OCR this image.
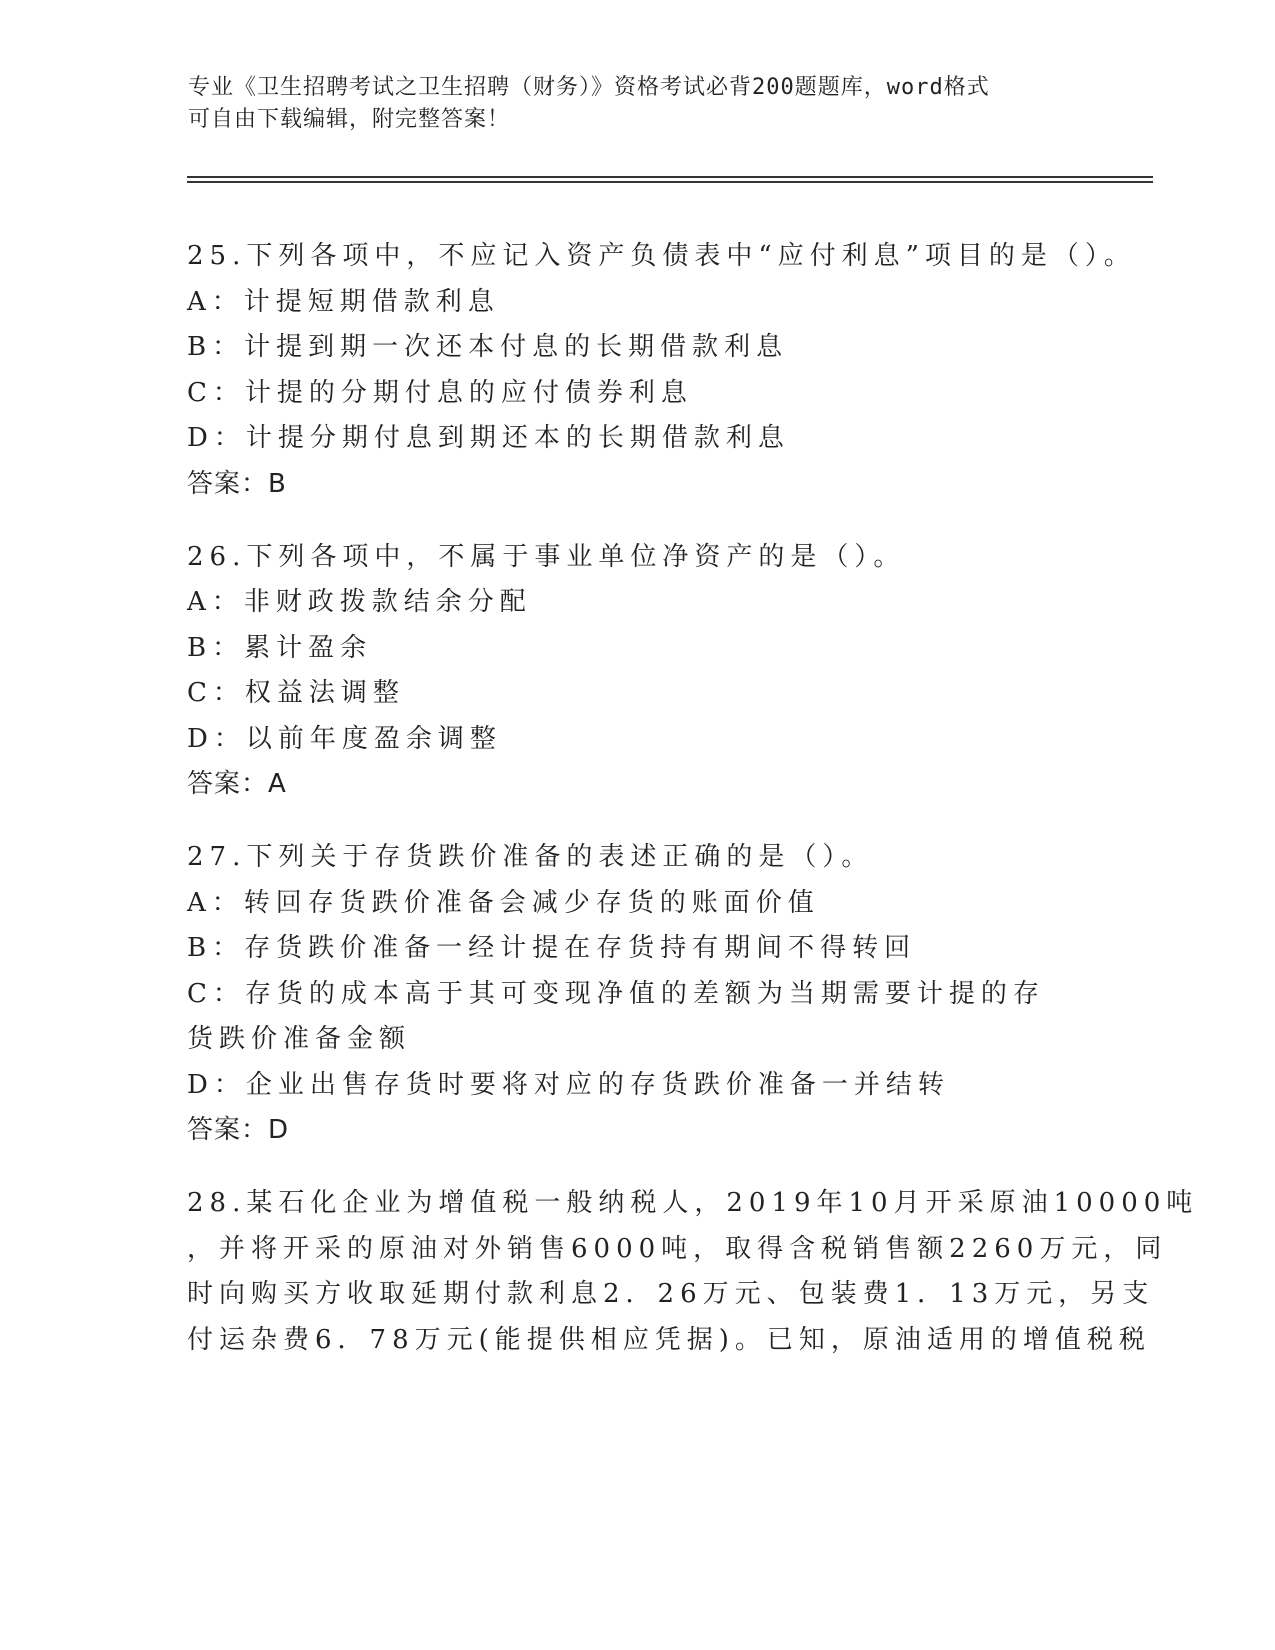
专业《卫生招聘考试之卫生招聘（财务）》资格考试必背200题题库，word格式
可自由下载编辑，附完整答案！
25.下列各项中，不应记入资产负债表中“应付利息”项目的是（）。
A：计提短期借款利息
B：计提到期一次还本付息的长期借款利息
C：计提的分期付息的应付债券利息
D：计提分期付息到期还本的长期借款利息
答案：B
26.下列各项中，不属于事业单位净资产的是（）。
A：非财政拨款结余分配
B：累计盈余
C：权益法调整
D：以前年度盈余调整
答案：A
27.下列关于存货跌价准备的表述正确的是（）。
A：转回存货跌价准备会减少存货的账面价值
B：存货跌价准备一经计提在存货持有期间不得转回
C：存货的成本高于其可变现净值的差额为当期需要计提的存货跌价准备金额
D：企业出售存货时要将对应的存货跌价准备一并结转
答案：D
28.某石化企业为增值税一般纳税人，2019年10月开采原油10000吨
，并将开采的原油对外销售6000吨，取得含税销售额2260万元，同
时向购买方收取延期付款利息2．26万元、包装费1．13万元，另支
付运杂费6．78万元(能提供相应凭据)。已知，原油适用的增值税税
